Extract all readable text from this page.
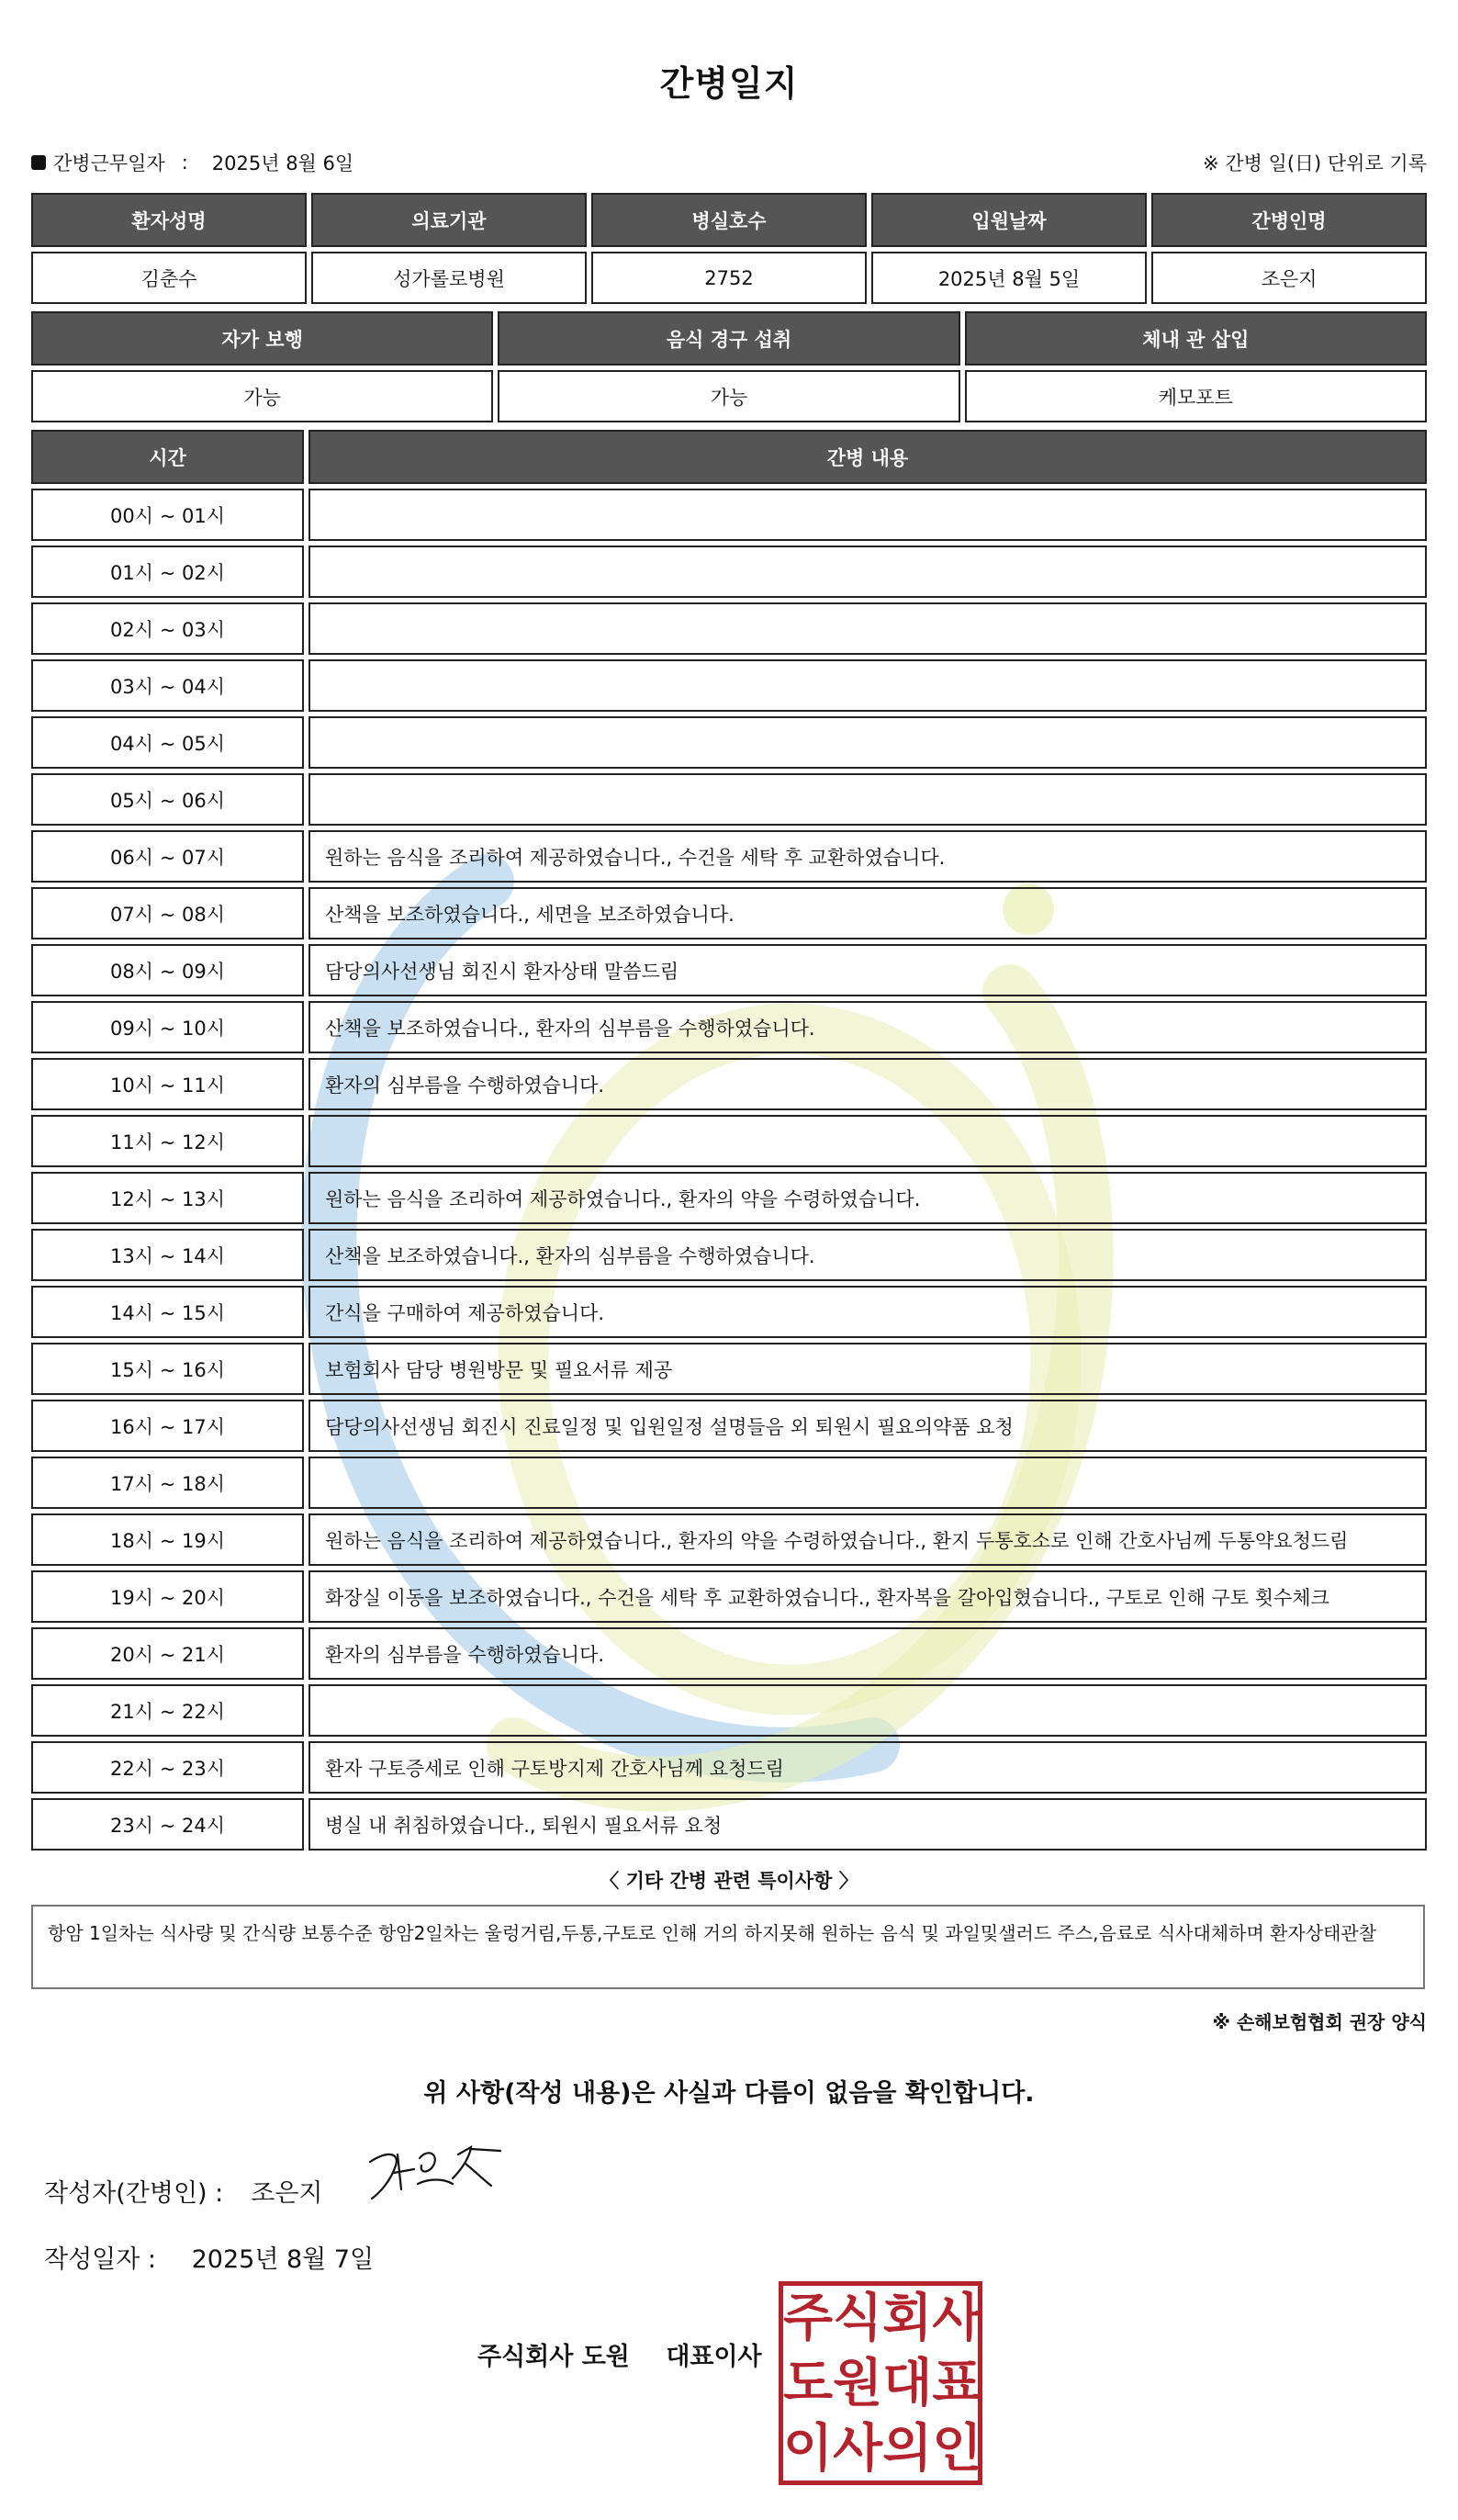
간병일지
간병근무일자 : 2025년 8월 6일	※ 간병 일(日) 단위로 기록
환자성명	의료기관	병실호수	입원날짜	간병인명
김춘수	성가롤로병원	2752	2025년 8월 5일	조은지
자가 보행	음식 경구 섭취	체내 관 삽입
가능	가능	케모포트
시간	간병 내용
00시 ~ 01시	
01시 ~ 02시	
02시 ~ 03시	
03시 ~ 04시	
04시 ~ 05시	
05시 ~ 06시	
06시 ~ 07시	원하는 음식을 조리하여 제공하였습니다., 수건을 세탁 후 교환하였습니다.
07시 ~ 08시	산책을 보조하였습니다., 세면을 보조하였습니다.
08시 ~ 09시	담당의사선생님 회진시 환자상태 말씀드림
09시 ~ 10시	산책을 보조하였습니다., 환자의 심부름을 수행하였습니다.
10시 ~ 11시	환자의 심부름을 수행하였습니다.
11시 ~ 12시	
12시 ~ 13시	원하는 음식을 조리하여 제공하였습니다., 환자의 약을 수령하였습니다.
13시 ~ 14시	산책을 보조하였습니다., 환자의 심부름을 수행하였습니다.
14시 ~ 15시	간식을 구매하여 제공하였습니다.
15시 ~ 16시	보험회사 담당 병원방문 및 필요서류 제공
16시 ~ 17시	담당의사선생님 회진시 진료일정 및 입원일정 설명들음 외 퇴원시 필요의약품 요청
17시 ~ 18시	
18시 ~ 19시	원하는 음식을 조리하여 제공하였습니다., 환자의 약을 수령하였습니다., 환지 두통호소로 인해 간호사님께 두통약요청드림
19시 ~ 20시	화장실 이동을 보조하였습니다., 수건을 세탁 후 교환하였습니다., 환자복을 갈아입혔습니다., 구토로 인해 구토 횟수체크
20시 ~ 21시	환자의 심부름을 수행하였습니다.
21시 ~ 22시	
22시 ~ 23시	환자 구토증세로 인해 구토방지제 간호사님께 요청드림
23시 ~ 24시	병실 내 취침하였습니다., 퇴원시 필요서류 요청
〈 기타 간병 관련 특이사항 〉
항암 1일차는 식사량 및 간식량 보통수준 항암2일차는 울렁거림,두통,구토로 인해 거의 하지못해 원하는 음식 및 과일및샐러드 주스,음료로 식사대체하며 환자상태관찰
※ 손해보험협회 권장 양식
위 사항(작성 내용)은 사실과 다름이 없음을 확인합니다.
작성자(간병인) : 조은지
작성일자 : 2025년 8월 7일
주식회사 도원 대표이사
주 식 회 사
도 원 대 표
이 사 의 인
